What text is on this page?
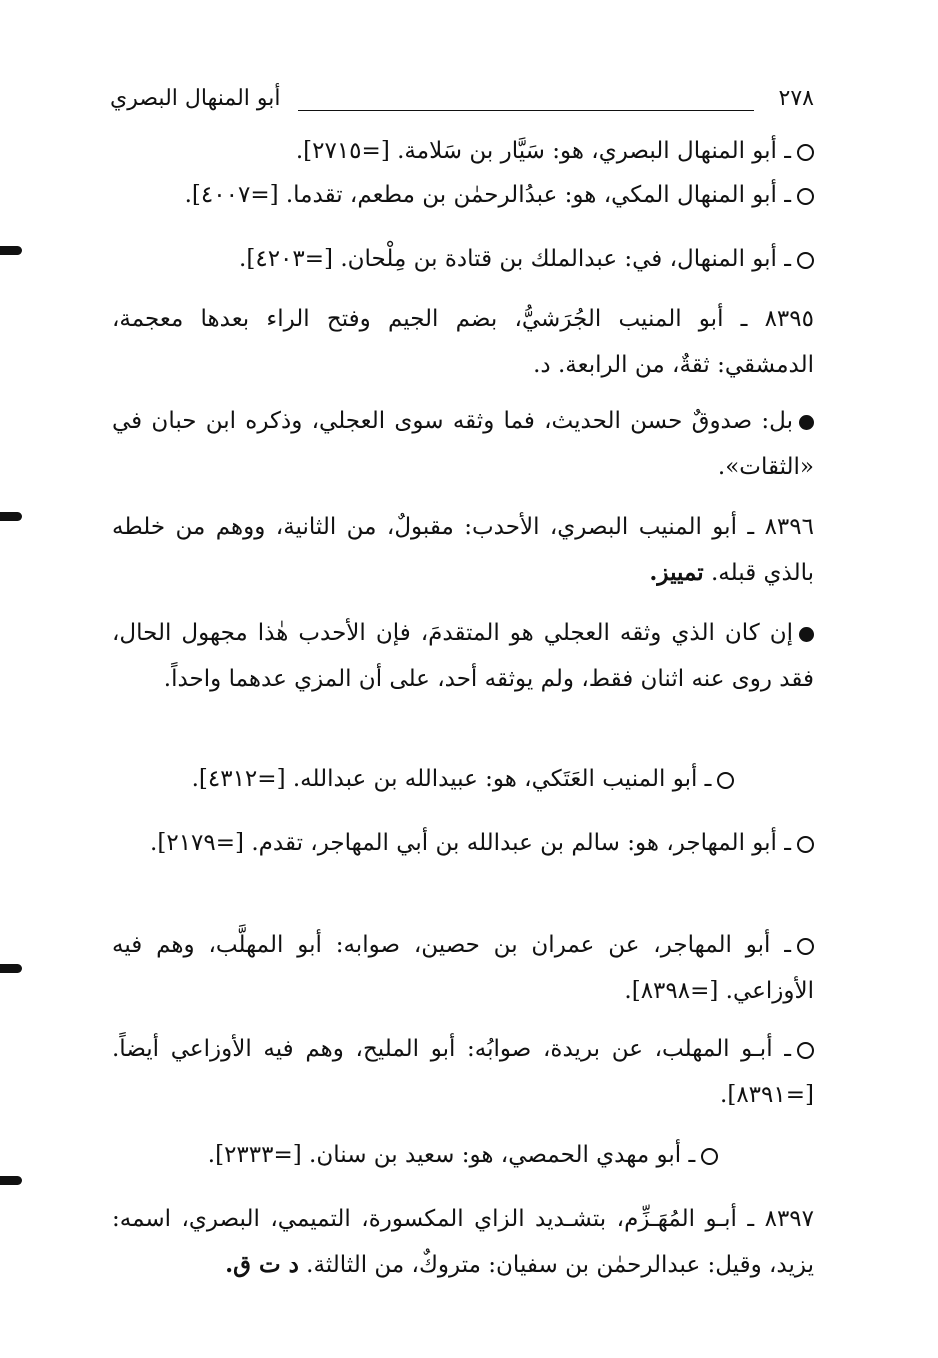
٢٧٨
أبو المنهال البصري
ـ أبو المنهال البصري، هو: سَيَّار بن سَلامة. [=٢٧١٥].
ـ أبو المنهال المكي، هو: عبدُالرحمٰن بن مطعم، تقدما. [=٤٠٠٧].
ـ أبو المنهال، في: عبدالملك بن قتادة بن مِلْحان. [=٤٢٠٣].
٨٣٩٥ ـ أبو المنيب الجُرَشيُّ، بضم الجيم وفتح الراء بعدها معجمة، الدمشقي: ثقةٌ، من الرابعة. د.
بل: صدوقٌ حسن الحديث، فما وثقه سوى العجلي، وذكره ابن حبان في «الثقات».
٨٣٩٦ ـ أبو المنيب البصري، الأحدب: مقبولٌ، من الثانية، ووهم من خلطه بالذي قبله. تمييز.
إن كان الذي وثقه العجلي هو المتقدمَ، فإن الأحدب هٰذا مجهول الحال، فقد روى عنه اثنان فقط، ولم يوثقه أحد، على أن المزي عدهما واحداً.
ـ أبو المنيب العَتَكي، هو: عبيدالله بن عبدالله. [=٤٣١٢].
ـ أبو المهاجر، هو: سالم بن عبدالله بن أبي المهاجر، تقدم. [=٢١٧٩].
ـ أبو المهاجر، عن عمران بن حصين، صوابه: أبو المهلَّب، وهم فيه الأوزاعي. [=٨٣٩٨].
ـ أبـو المهلب، عن بريدة، صوابُه: أبو المليح، وهم فيه الأوزاعي أيضاً. [=٨٣٩١].
ـ أبو مهدي الحمصي، هو: سعيد بن سنان. [=٢٣٣٣].
٨٣٩٧ ـ أبـو المُهَـزِّم، بتشـديد الزاي المكسورة، التميمي، البصري، اسمه: يزيد، وقيل: عبدالرحمٰن بن سفيان: متروكٌ، من الثالثة. د ت ق.
